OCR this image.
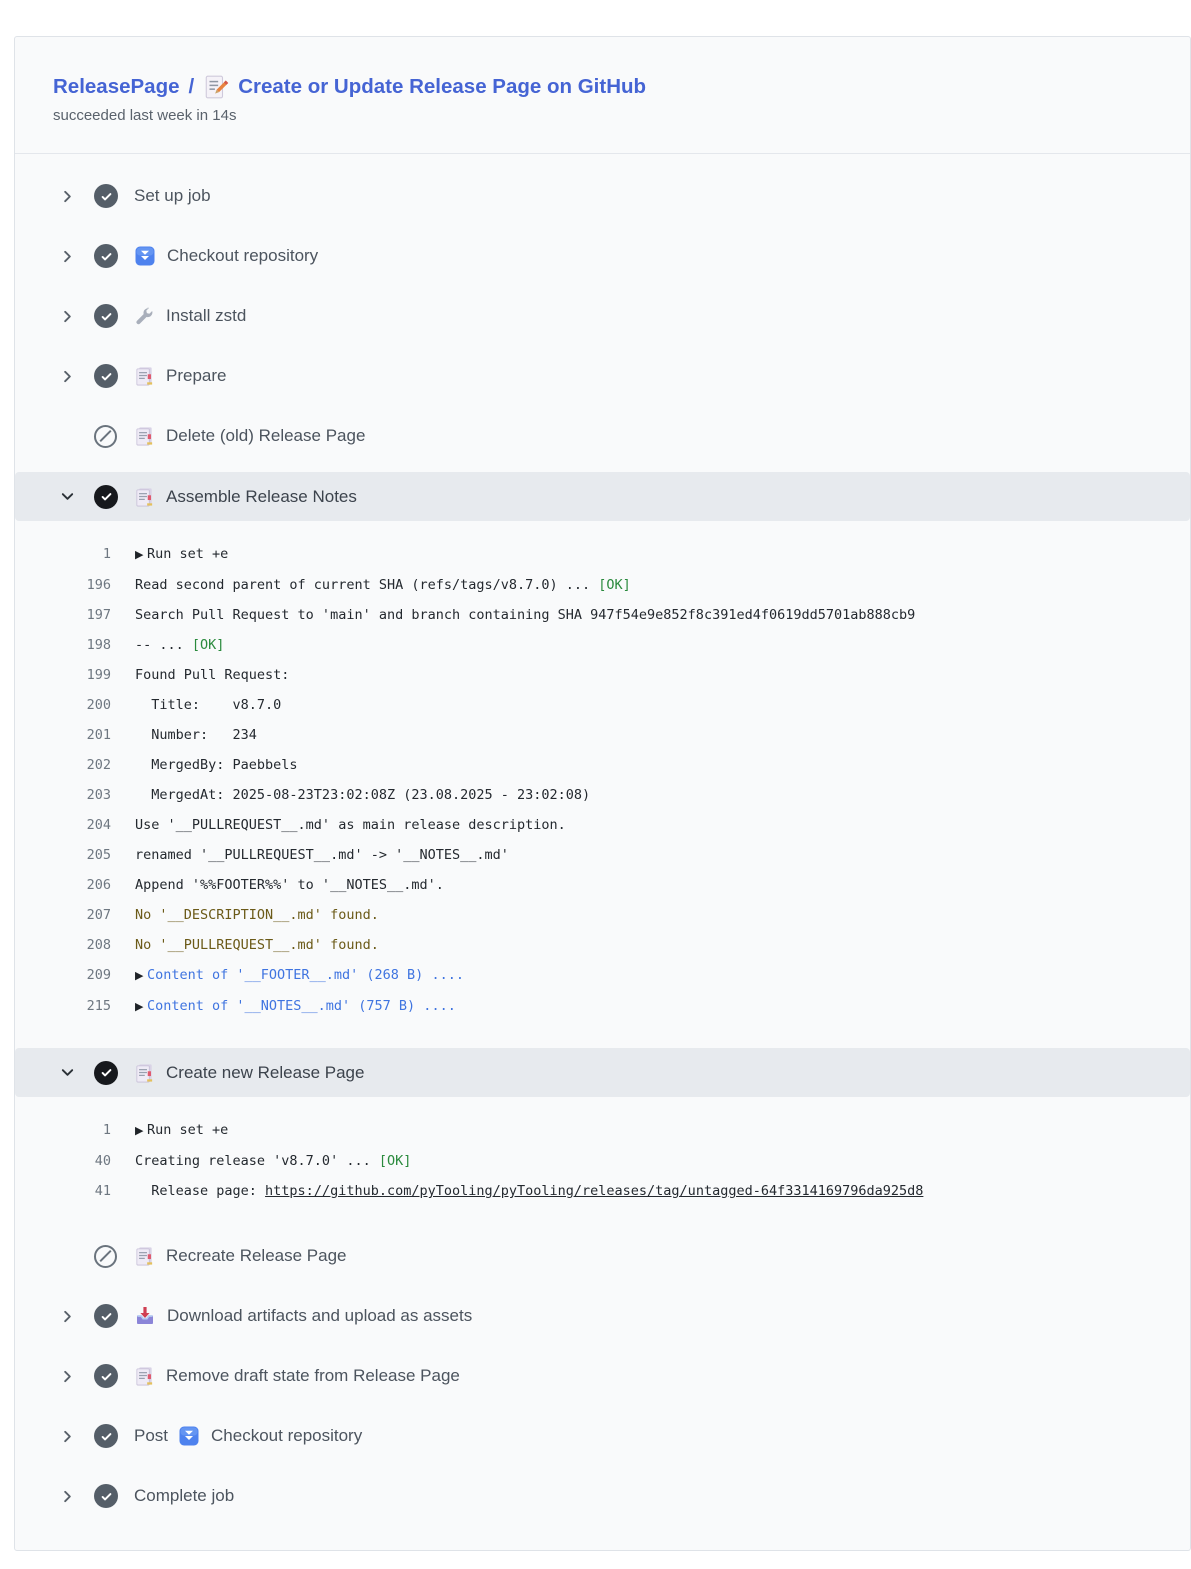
ReleasePage / Create or Update Release Page on GitHub
succeeded last week in 14s
Set up job
Checkout repository
Install zstd
Prepare
Delete (old) Release Page
Assemble Release Notes
1	▶ Run set +e
196	Read second parent of current SHA (refs/tags/v8.7.0) ... [OK]
197	Search Pull Request to 'main' and branch containing SHA 947f54e9e852f8c391ed4f0619dd5701ab888cb9
198	-- ... [OK]
199	Found Pull Request:
200	Title:    v8.7.0
201	Number:   234
202	MergedBy: Paebbels
203	MergedAt: 2025-08-23T23:02:08Z (23.08.2025 - 23:02:08)
204	Use '__PULLREQUEST__.md' as main release description.
205	renamed '__PULLREQUEST__.md' -> '__NOTES__.md'
206	Append '%%FOOTER%%' to '__NOTES__.md'.
207	No '__DESCRIPTION__.md' found.
208	No '__PULLREQUEST__.md' found.
209	▶ Content of '__FOOTER__.md' (268 B) ....
215	▶ Content of '__NOTES__.md' (757 B) ....
Create new Release Page
1	▶ Run set +e
40	Creating release 'v8.7.0' ... [OK]
41	Release page: https://github.com/pyTooling/pyTooling/releases/tag/untagged-64f3314169796da925d8
Recreate Release Page
Download artifacts and upload as assets
Remove draft state from Release Page
Post	Checkout repository
Complete job
